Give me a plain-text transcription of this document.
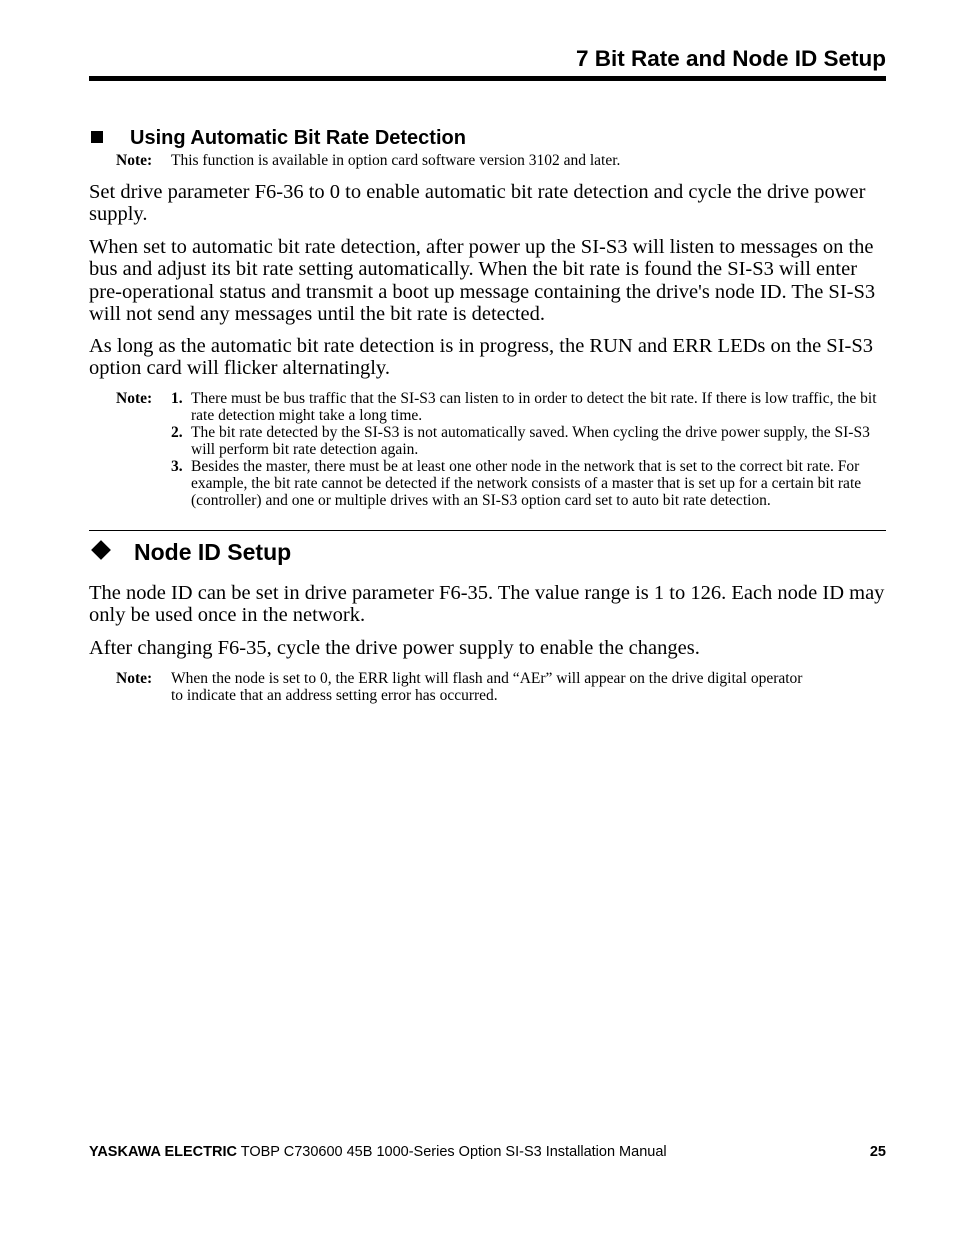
7 Bit Rate and Node ID Setup
Using Automatic Bit Rate Detection
Note: This function is available in option card software version 3102 and later.

Set drive parameter F6-36 to 0 to enable automatic bit rate detection and cycle the drive power supply.

When set to automatic bit rate detection, after power up the SI-S3 will listen to messages on the bus and adjust its bit rate setting automatically. When the bit rate is found the SI-S3 will enter pre-operational status and transmit a boot up message containing the drive's node ID. The SI-S3 will not send any messages until the bit rate is detected.

As long as the automatic bit rate detection is in progress, the RUN and ERR LEDs on the SI-S3 option card will flicker alternatingly.

Note: 1. There must be bus traffic that the SI-S3 can listen to in order to detect the bit rate. If there is low traffic, the bit rate detection might take a long time.
2. The bit rate detected by the SI-S3 is not automatically saved. When cycling the drive power supply, the SI-S3 will perform bit rate detection again.
3. Besides the master, there must be at least one other node in the network that is set to the correct bit rate. For example, the bit rate cannot be detected if the network consists of a master that is set up for a certain bit rate (controller) and one or multiple drives with an SI-S3 option card set to auto bit rate detection.
Node ID Setup

The node ID can be set in drive parameter F6-35. The value range is 1 to 126. Each node ID may only be used once in the network.

After changing F6-35, cycle the drive power supply to enable the changes.

Note: When the node is set to 0, the ERR light will flash and “AEr” will appear on the drive digital operator to indicate that an address setting error has occurred.
YASKAWA ELECTRIC TOBP C730600 45B 1000-Series Option SI-S3 Installation Manual	25
